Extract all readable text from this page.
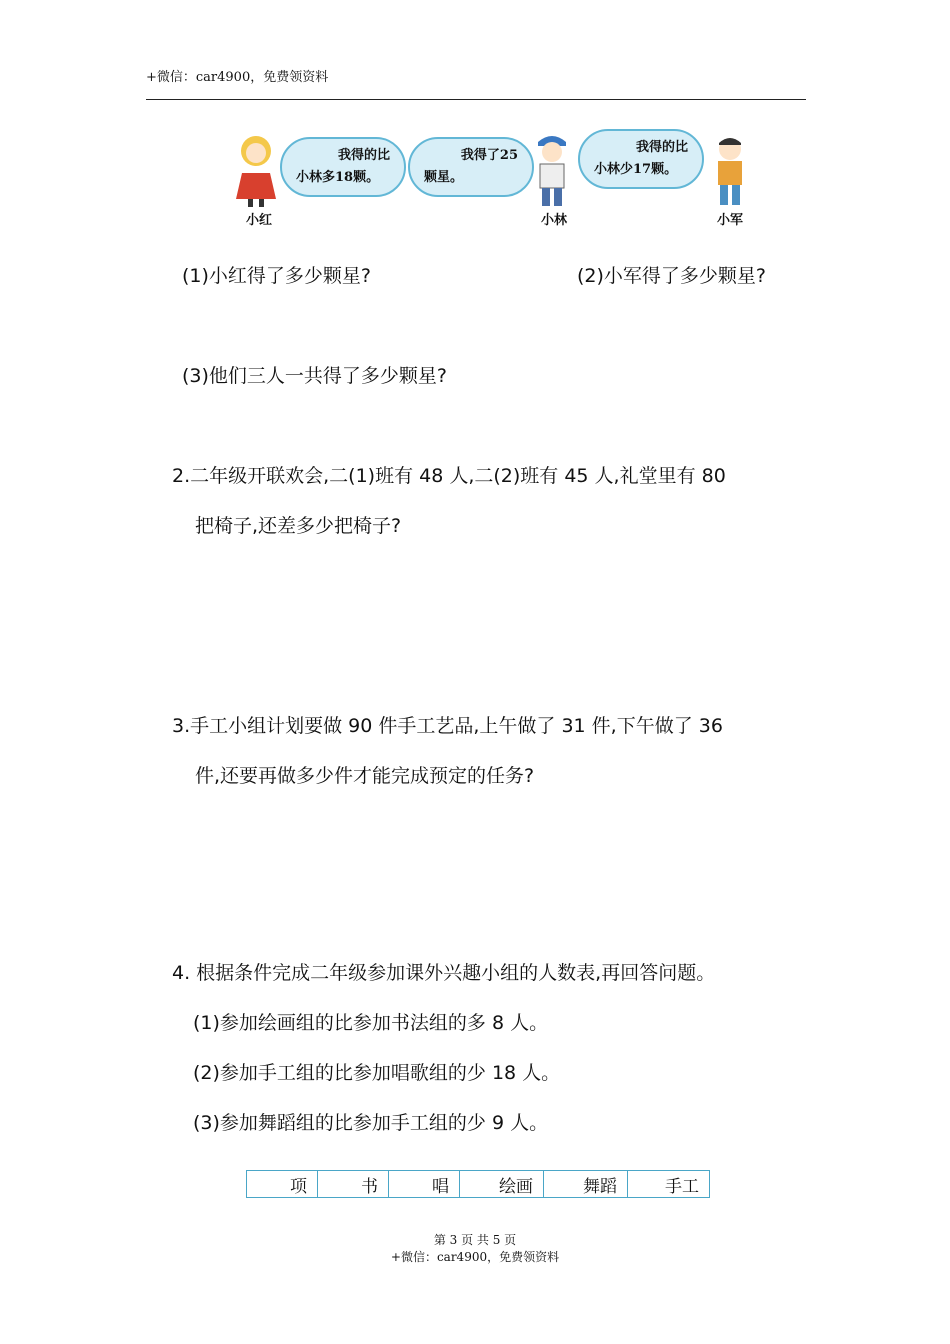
+微信：car4900，免费领资料
我得的比
小林多18颗。
我得了25
颗星。
我得的比
小林少17颗。
小红	小林	小军
(1)小红得了多少颗星?	(2)小军得了多少颗星?
(3)他们三人一共得了多少颗星?
2.二年级开联欢会,二(1)班有 48 人,二(2)班有 45 人,礼堂里有 80
把椅子,还差多少把椅子?
3.手工小组计划要做 90 件手工艺品,上午做了 31 件,下午做了 36
件,还要再做多少件才能完成预定的任务?
4. 根据条件完成二年级参加课外兴趣小组的人数表,再回答问题。
(1)参加绘画组的比参加书法组的多 8 人。
(2)参加手工组的比参加唱歌组的少 18 人。
(3)参加舞蹈组的比参加手工组的少 9 人。
项	书	唱	绘画	舞蹈	手工
第 3 页 共 5 页
+微信：car4900，免费领资料
